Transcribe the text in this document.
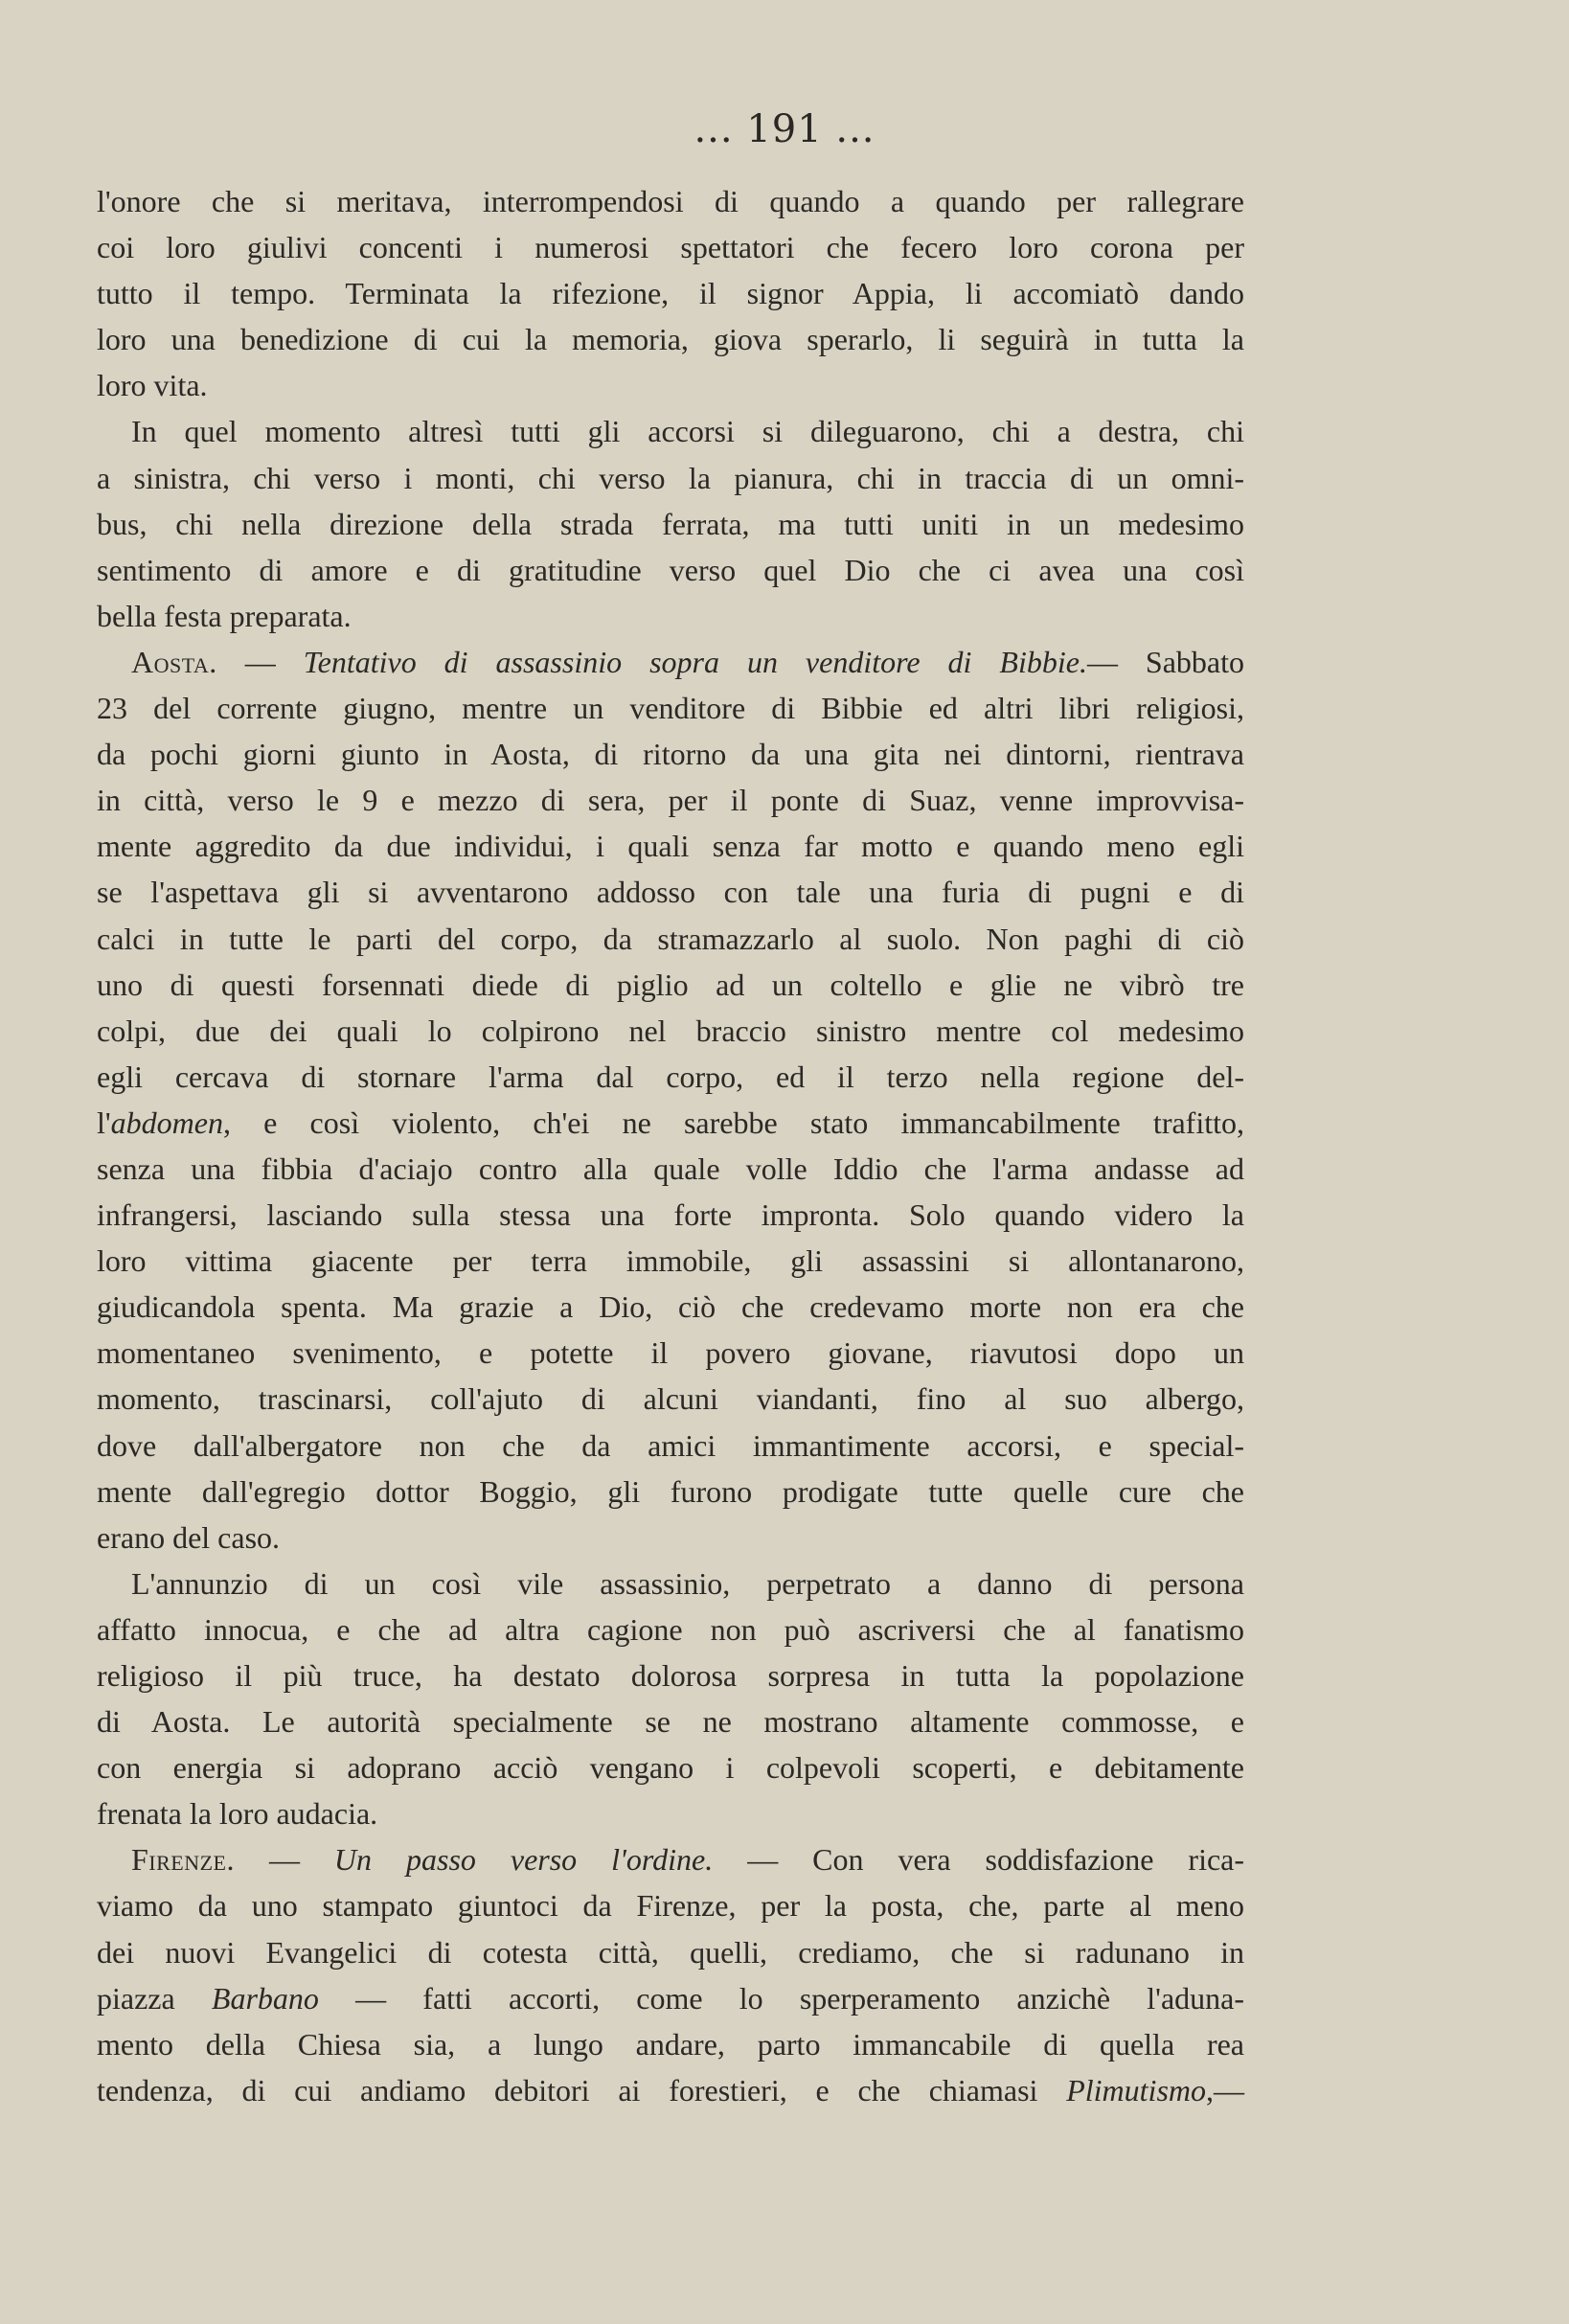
... 191 ...

l'onore che si meritava, interrompendosi di quando a quando per rallegrare
coi loro giulivi concenti i numerosi spettatori che fecero loro corona per
tutto il tempo. Terminata la rifezione, il signor Appia, li accomiatò dando
loro una benedizione di cui la memoria, giova sperarlo, li seguirà in tutta la
loro vita.

In quel momento altresì tutti gli accorsi si dileguarono, chi a destra, chi
a sinistra, chi verso i monti, chi verso la pianura, chi in traccia di un omni-
bus, chi nella direzione della strada ferrata, ma tutti uniti in un medesimo
sentimento di amore e di gratitudine verso quel Dio che ci avea una così
bella festa preparata.

Aosta. — Tentativo di assassinio sopra un venditore di Bibbie.— Sabbato
23 del corrente giugno, mentre un venditore di Bibbie ed altri libri religiosi,
da pochi giorni giunto in Aosta, di ritorno da una gita nei dintorni, rientrava
in città, verso le 9 e mezzo di sera, per il ponte di Suaz, venne improvvisa-
mente aggredito da due individui, i quali senza far motto e quando meno egli
se l'aspettava gli si avventarono addosso con tale una furia di pugni e di
calci in tutte le parti del corpo, da stramazzarlo al suolo. Non paghi di ciò
uno di questi forsennati diede di piglio ad un coltello e glie ne vibrò tre
colpi, due dei quali lo colpirono nel braccio sinistro mentre col medesimo
egli cercava di stornare l'arma dal corpo, ed il terzo nella regione del-
l'abdomen, e così violento, ch'ei ne sarebbe stato immancabilmente trafitto,
senza una fibbia d'aciajo contro alla quale volle Iddio che l'arma andasse ad
infrangersi, lasciando sulla stessa una forte impronta. Solo quando videro la
loro vittima giacente per terra immobile, gli assassini si allontanarono,
giudicandola spenta. Ma grazie a Dio, ciò che credevamo morte non era che
momentaneo svenimento, e potette il povero giovane, riavutosi dopo un
momento, trascinarsi, coll'ajuto di alcuni viandanti, fino al suo albergo,
dove dall'albergatore non che da amici immantimente accorsi, e special-
mente dall'egregio dottor Boggio, gli furono prodigate tutte quelle cure che
erano del caso.

L'annunzio di un così vile assassinio, perpetrato a danno di persona
affatto innocua, e che ad altra cagione non può ascriversi che al fanatismo
religioso il più truce, ha destato dolorosa sorpresa in tutta la popolazione
di Aosta. Le autorità specialmente se ne mostrano altamente commosse, e
con energia si adoprano acciò vengano i colpevoli scoperti, e debitamente
frenata la loro audacia.

Firenze. — Un passo verso l'ordine. — Con vera soddisfazione rica-
viamo da uno stampato giuntoci da Firenze, per la posta, che, parte al meno
dei nuovi Evangelici di cotesta città, quelli, crediamo, che si radunano in
piazza Barbano — fatti accorti, come lo sperperamento anzichè l'aduna-
mento della Chiesa sia, a lungo andare, parto immancabile di quella rea
tendenza, di cui andiamo debitori ai forestieri, e che chiamasi Plimutismo,—
